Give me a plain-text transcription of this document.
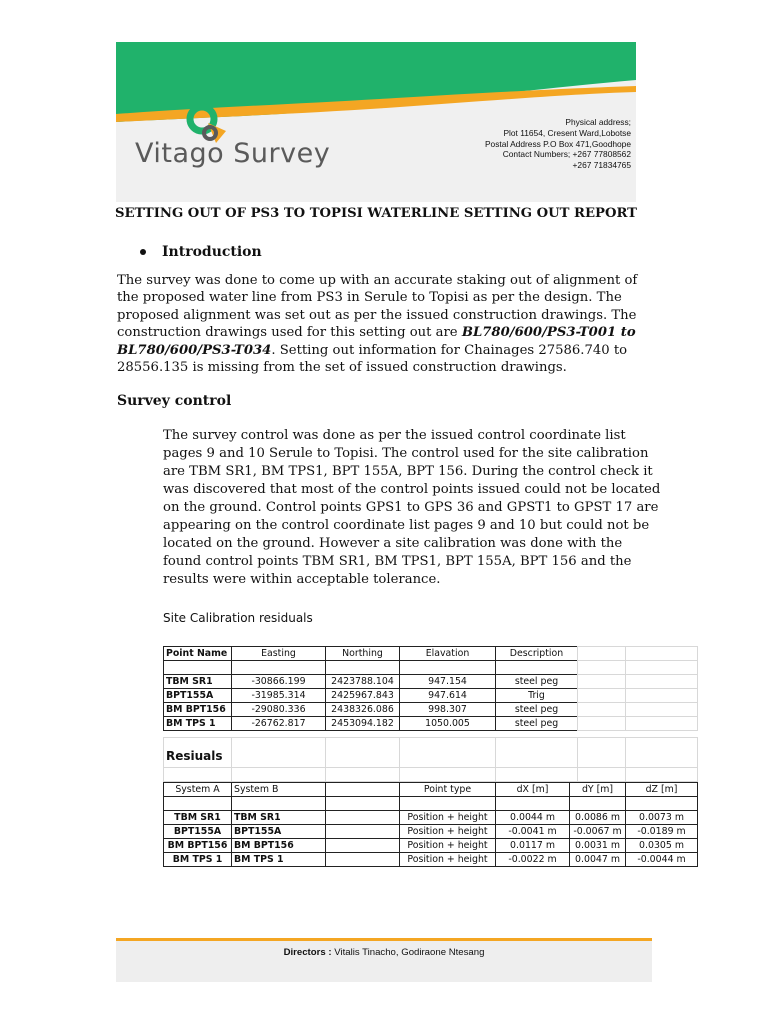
Vitago Survey
Physical address;
Plot 11654, Cresent Ward,Lobotse
Postal Address P.O Box 471,Goodhope
Contact Numbers; +267 77808562
+267 71834765
SETTING OUT OF PS3 TO TOPISI WATERLINE SETTING OUT REPORT
Introduction

The survey was done to come up with an accurate staking out of alignment of the proposed water line from PS3 in Serule to Topisi as per the design. The proposed alignment was set out as per the issued construction drawings. The construction drawings used for this setting out are BL780/600/PS3-T001 to BL780/600/PS3-T034. Setting out information for Chainages 27586.740 to 28556.135 is missing from the set of issued construction drawings.

Survey control

The survey control was done as per the issued control coordinate list pages 9 and 10 Serule to Topisi. The control used for the site calibration are TBM SR1, BM TPS1, BPT 155A, BPT 156. During the control check it was discovered that most of the control points issued could not be located on the ground. Control points GPS1 to GPS 36 and GPST1 to GPST 17 are appearing on the control coordinate list pages 9 and 10 but could not be located on the ground. However a site calibration was done with the found control points TBM SR1, BM TPS1, BPT 155A, BPT 156 and the results were within acceptable tolerance.

Site Calibration residuals
Point Name	Easting	Northing	Elavation	Description

TBM SR1	-30866.199	2423788.104	947.154	steel peg
BPT155A	-31985.314	2425967.843	947.614	Trig
BM BPT156	-29080.336	2438326.086	998.307	steel peg
BM TPS 1	-26762.817	2453094.182	1050.005	steel peg

Resiuals
System A	System B		Point type	dX [m]	dY [m]	dZ [m]

TBM SR1	TBM SR1		Position + height	0.0044 m	0.0086 m	0.0073 m
BPT155A	BPT155A		Position + height	-0.0041 m	-0.0067 m	-0.0189 m
BM BPT156	BM BPT156		Position + height	0.0117 m	0.0031 m	0.0305 m
BM TPS 1	BM TPS 1		Position + height	-0.0022 m	0.0047 m	-0.0044 m
Directors : Vitalis Tinacho, Godiraone Ntesang
